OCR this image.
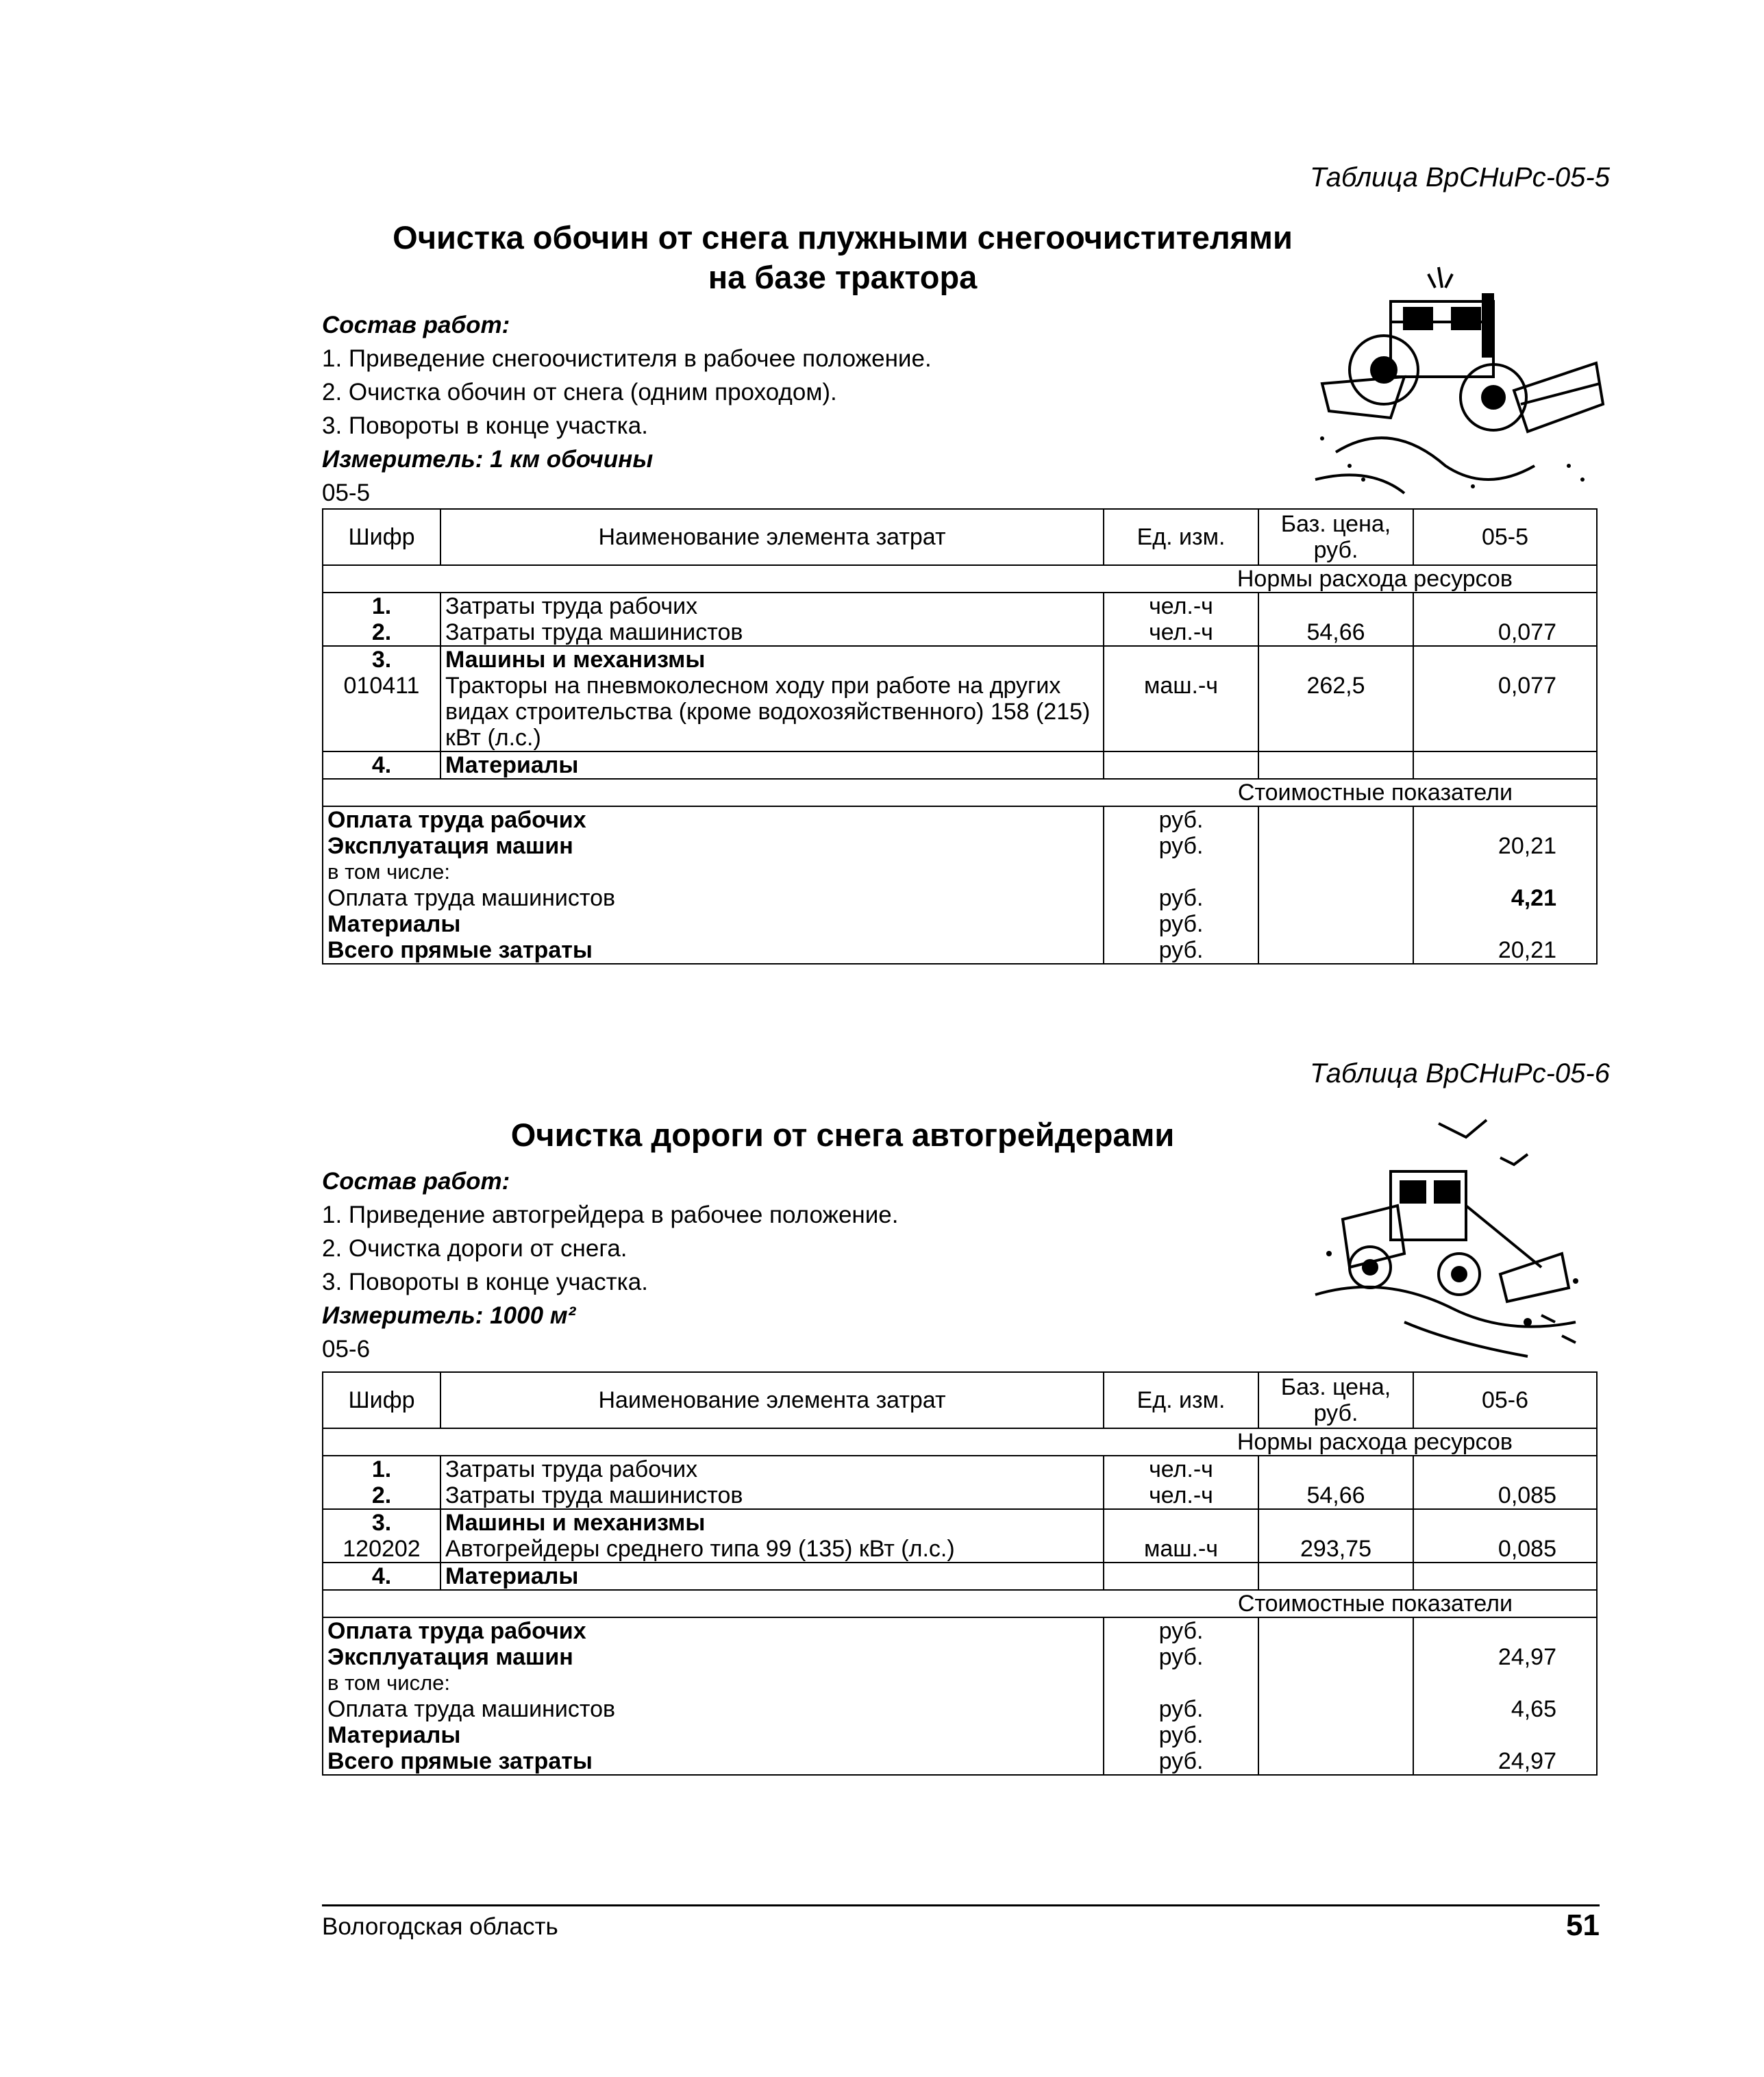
Таблица ВрСНиРс-05-5
Очистка обочин от снега плужными снегоочистителями
на базе трактора
Состав работ:
1. Приведение снегоочистителя в рабочее положение.
2. Очистка обочин от снега (одним проходом).
3. Повороты в конце участка.
Измеритель: 1 км обочины
05-5
Шифр	Наименование элемента затрат	Ед. изм.	Баз. цена, руб.	05-5
Нормы расхода ресурсов				
1.	Затраты труда рабочих	чел.-ч		
2.	Затраты труда машинистов	чел.-ч	54,66	0,077
3.	Машины и механизмы			
010411	Тракторы на пневмоколесном ходу при работе на других видах строительства (кроме водохозяйственного) 158 (215) кВт (л.с.)	маш.-ч	262,5	0,077
4.	Материалы			
Стоимостные показатели				
Оплата труда рабочих		руб.		
Эксплуатация машин		руб.		20,21
в том числе:				
Оплата труда машинистов		руб.		4,21
Материалы		руб.		
Всего прямые затраты		руб.		20,21
Таблица ВрСНиРс-05-6
Очистка дороги от снега автогрейдерами
Состав работ:
1. Приведение автогрейдера в рабочее положение.
2. Очистка дороги от снега.
3. Повороты в конце участка.
Измеритель: 1000 м²
05-6
Шифр	Наименование элемента затрат	Ед. изм.	Баз. цена, руб.	05-6
Нормы расхода ресурсов				
1.	Затраты труда рабочих	чел.-ч		
2.	Затраты труда машинистов	чел.-ч	54,66	0,085
3.	Машины и механизмы			
120202	Автогрейдеры среднего типа 99 (135) кВт (л.с.)	маш.-ч	293,75	0,085
4.	Материалы			
Стоимостные показатели				
Оплата труда рабочих		руб.		
Эксплуатация машин		руб.		24,97
в том числе:				
Оплата труда машинистов		руб.		4,65
Материалы		руб.		
Всего прямые затраты		руб.		24,97
Вологодская область	51
